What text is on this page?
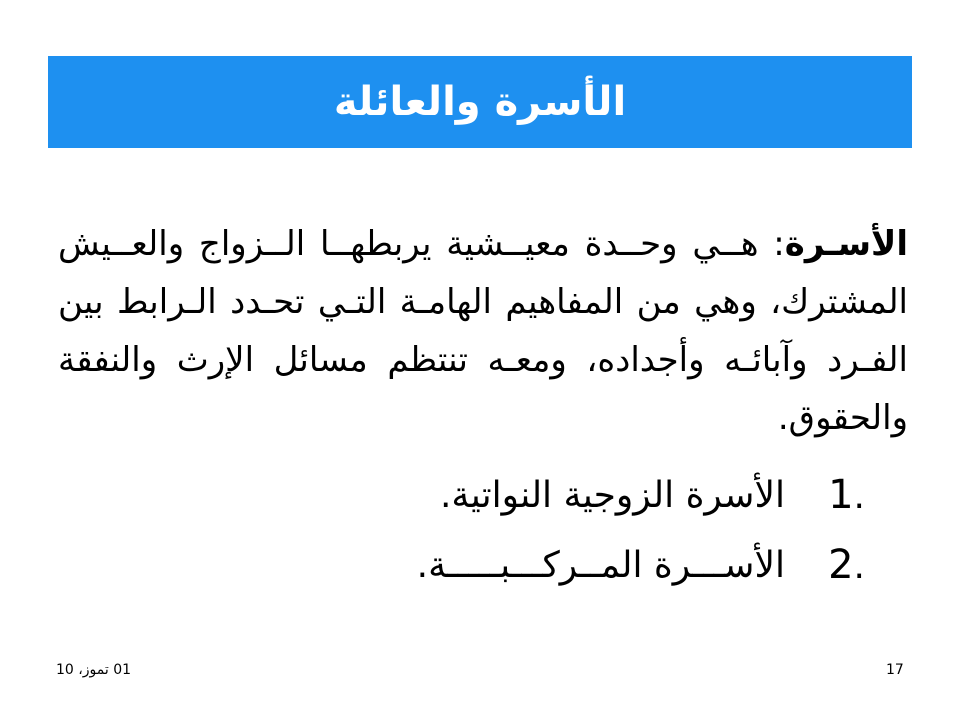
الأسرة والعائلة
الأسـرة: هــي وحــدة معيــشية يربطهــا الــزواج والعــيش المشترك، وهي من المفاهيم الهامـة التـي تحـدد الـرابط بين الفـرد وآبائـه وأجداده، ومعـه تنتظم مسائل الإرث والنفقة والحقوق.
1.
الأسرة الزوجية النواتية.
2.
الأســـرة المــركـــبـــــة.
01 تموز، 10	17
